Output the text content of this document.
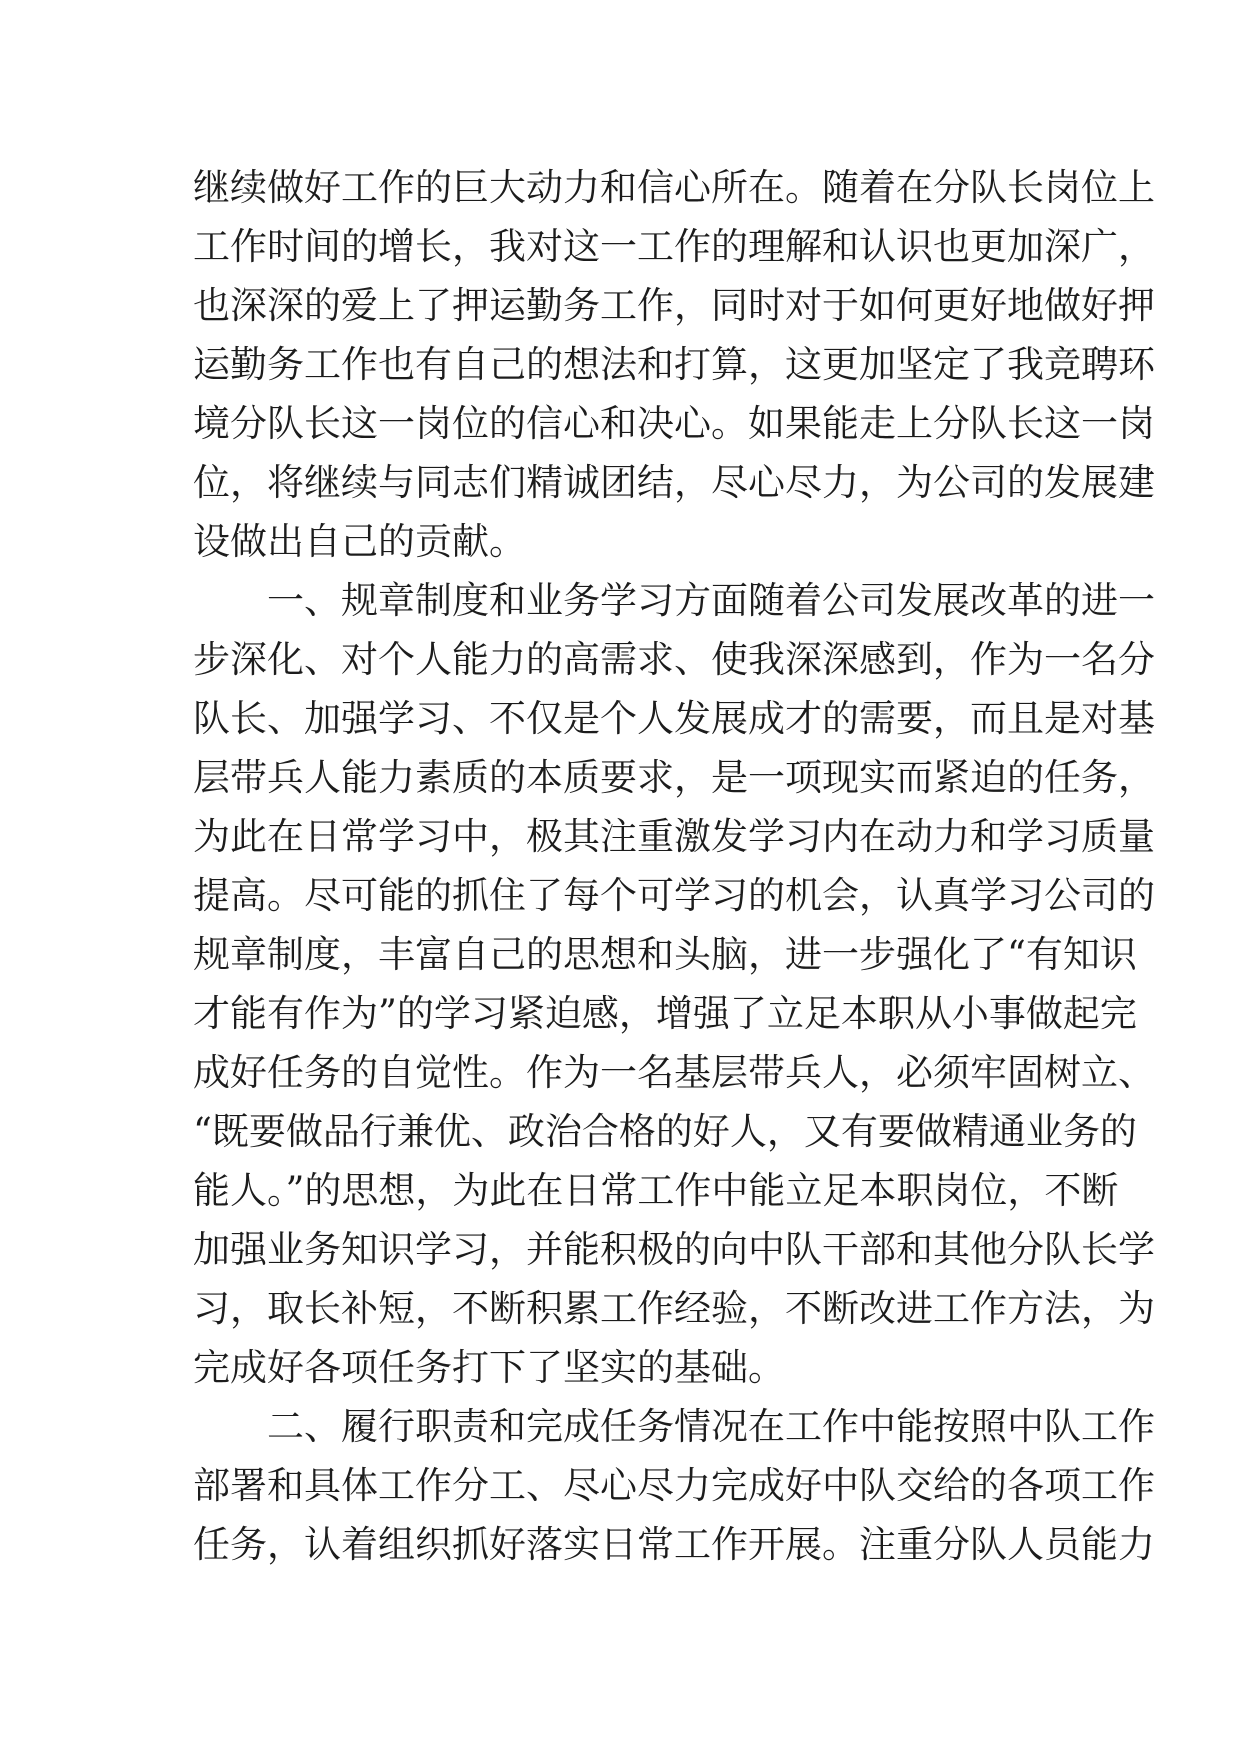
继续做好工作的巨大动力和信心所在。随着在分队长岗位上
工作时间的增长，我对这一工作的理解和认识也更加深广，
也深深的爱上了押运勤务工作，同时对于如何更好地做好押
运勤务工作也有自己的想法和打算，这更加坚定了我竞聘环
境分队长这一岗位的信心和决心。如果能走上分队长这一岗
位，将继续与同志们精诚团结，尽心尽力，为公司的发展建
设做出自己的贡献。
　　一、规章制度和业务学习方面随着公司发展改革的进一
步深化、对个人能力的高需求、使我深深感到，作为一名分
队长、加强学习、不仅是个人发展成才的需要，而且是对基
层带兵人能力素质的本质要求，是一项现实而紧迫的任务，
为此在日常学习中，极其注重激发学习内在动力和学习质量
提高。尽可能的抓住了每个可学习的机会，认真学习公司的
规章制度，丰富自己的思想和头脑，进一步强化了“有知识
才能有作为”的学习紧迫感，增强了立足本职从小事做起完
成好任务的自觉性。作为一名基层带兵人，必须牢固树立、
“既要做品行兼优、政治合格的好人，又有要做精通业务的
能人。”的思想，为此在日常工作中能立足本职岗位，不断
加强业务知识学习，并能积极的向中队干部和其他分队长学
习，取长补短，不断积累工作经验，不断改进工作方法，为
完成好各项任务打下了坚实的基础。
　　二、履行职责和完成任务情况在工作中能按照中队工作
部署和具体工作分工、尽心尽力完成好中队交给的各项工作
任务，认着组织抓好落实日常工作开展。注重分队人员能力
